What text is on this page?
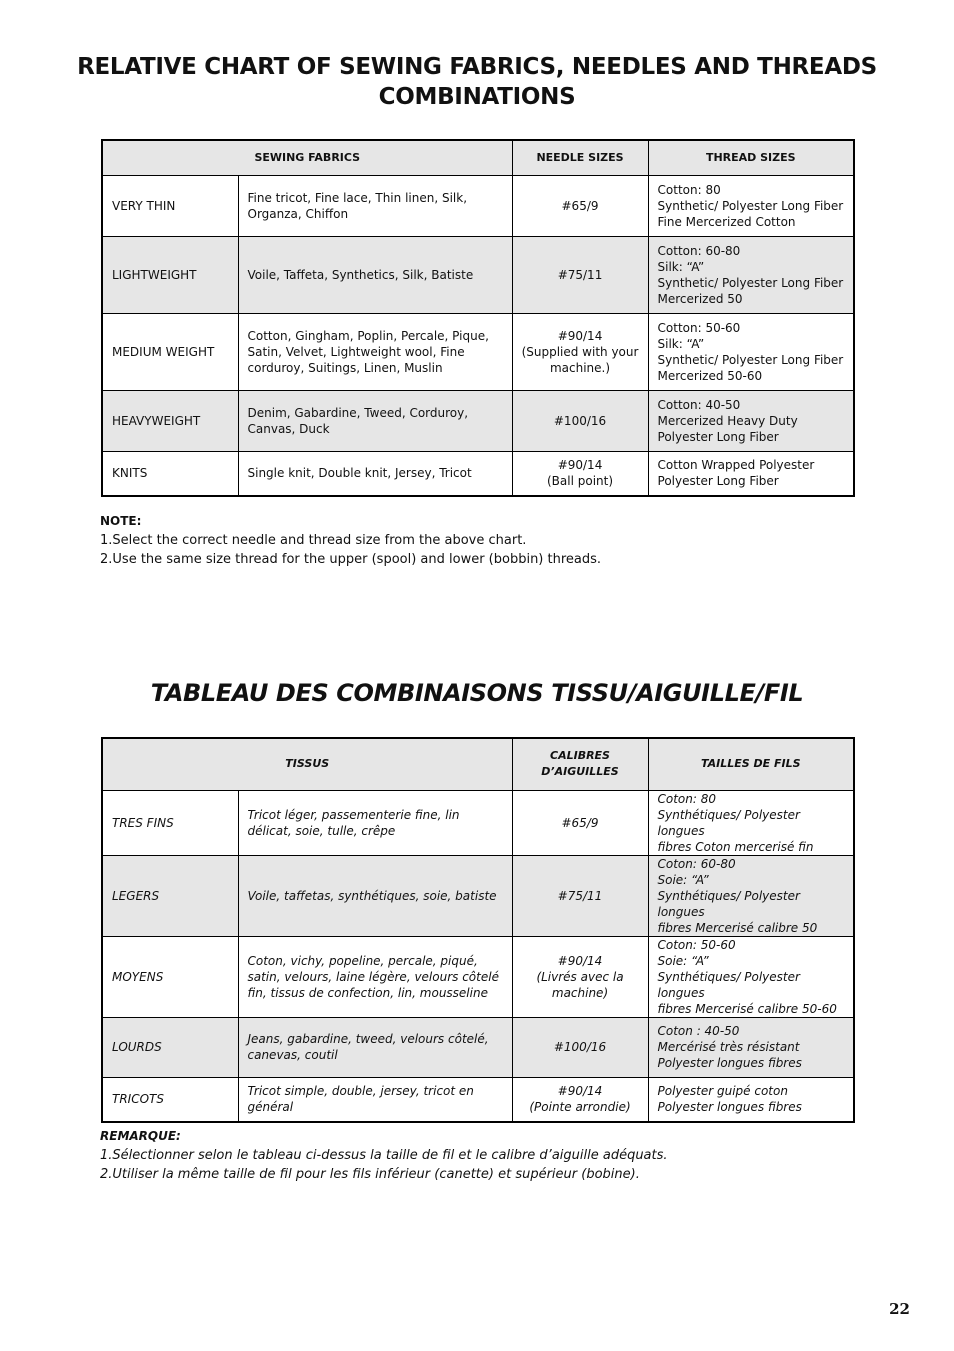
RELATIVE CHART OF SEWING FABRICS, NEEDLES AND THREADS
COMBINATIONS
SEWING FABRICS		NEEDLE SIZES	THREAD SIZES
VERY THIN	Fine tricot, Fine lace, Thin linen, Silk, Organza, Chiffon	#65/9	Cotton: 80
Synthetic/ Polyester Long Fiber
Fine Mercerized Cotton

LIGHTWEIGHT	Voile, Taffeta, Synthetics, Silk, Batiste	#75/11	Cotton: 60-80
Silk: “A”
Synthetic/ Polyester Long Fiber
Mercerized 50

MEDIUM WEIGHT	Cotton, Gingham, Poplin, Percale, Pique, Satin, Velvet, Lightweight wool, Fine corduroy, Suitings, Linen, Muslin	#90/14
(Supplied with your
machine.)	Cotton: 50-60
Silk: “A”
Synthetic/ Polyester Long Fiber
Mercerized 50-60

HEAVYWEIGHT	Denim, Gabardine, Tweed, Corduroy, Canvas, Duck	#100/16	Cotton: 40-50
Mercerized Heavy Duty
Polyester Long Fiber

KNITS	Single knit, Double knit, Jersey, Tricot	#90/14
(Ball point)	Cotton Wrapped Polyester
Polyester Long Fiber
NOTE:
1.Select the correct needle and thread size from the above chart.
2.Use the same size thread for the upper (spool) and lower (bobbin) threads.
TABLEAU DES COMBINAISONS TISSU/AIGUILLE/FIL
TISSUS		CALIBRES
D’AIGUILLES	TAILLES DE FILS
TRES FINS	Tricot léger, passementerie fine, lin délicat, soie, tulle, crêpe	#65/9	Coton: 80
Synthétiques/ Polyester longues
fibres Coton mercerisé fin

LEGERS	Voile, taffetas, synthétiques, soie, batiste	#75/11	Coton: 60-80
Soie: “A”
Synthétiques/ Polyester longues
fibres Mercerisé calibre 50

MOYENS	Coton, vichy, popeline, percale, piqué, satin, velours, laine légère, velours côtelé fin, tissus de confection, lin, mousseline	#90/14
(Livrés avec la
machine)	Coton: 50-60
Soie: “A”
Synthétiques/ Polyester longues
fibres Mercerisé calibre 50-60

LOURDS	Jeans, gabardine, tweed, velours côtelé, canevas, coutil	#100/16	Coton : 40-50
Mercérisé très résistant
Polyester longues fibres

TRICOTS	Tricot simple, double, jersey, tricot en général	#90/14
(Pointe arrondie)	Polyester guipé coton
Polyester longues fibres
REMARQUE:
1.Sélectionner selon le tableau ci-dessus la taille de fil et le calibre d’aiguille adéquats.
2.Utiliser la même taille de fil pour les fils inférieur (canette) et supérieur (bobine).
22
